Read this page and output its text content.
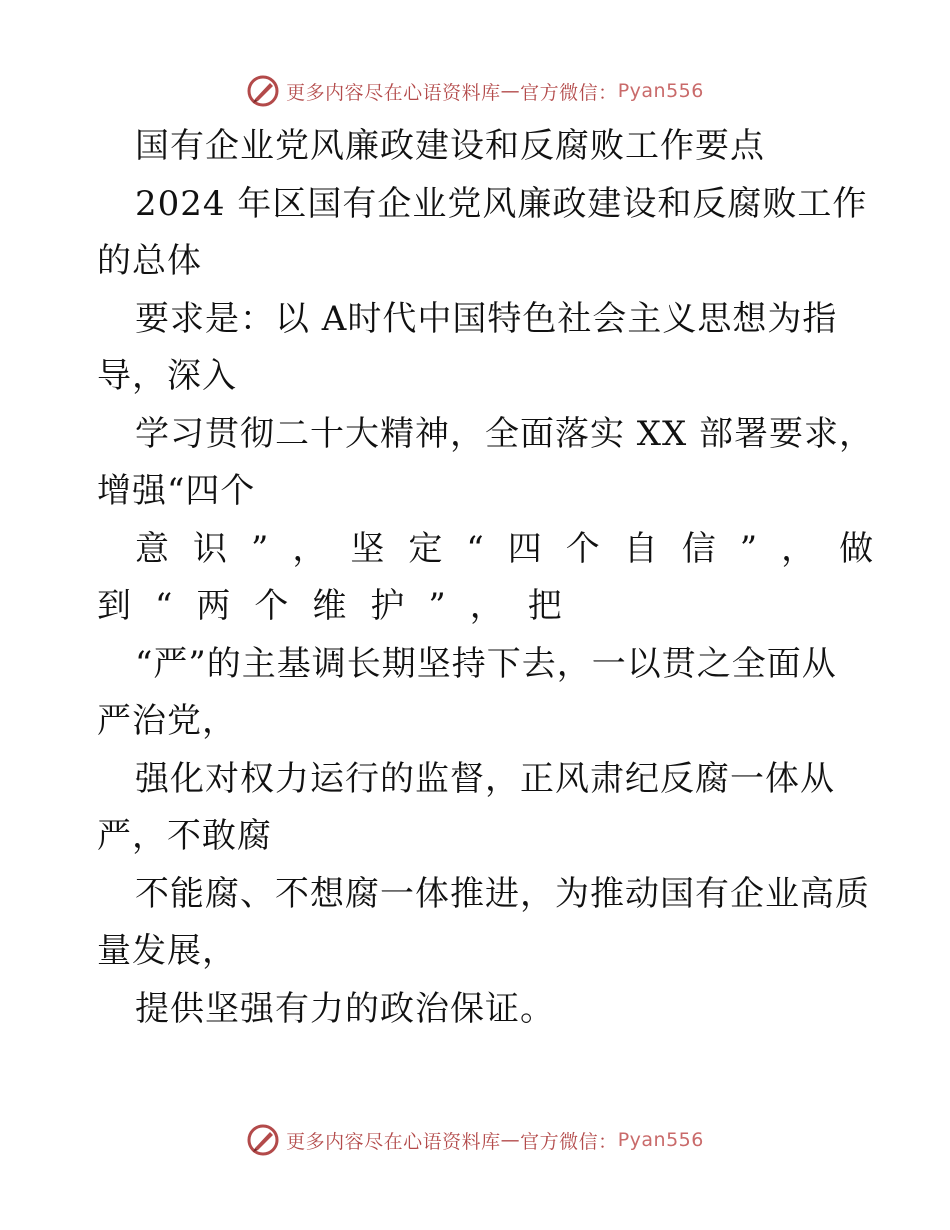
更多内容尽在心语资料库 — 官方微信： Pyan556
国有企业党风廉政建设和反腐败工作要点
2024 年区国有企业党风廉政建设和反腐败工作
的总体
要求是：以 A时代中国特色社会主义思想为指
导，深入
学习贯彻二十大精神，全面落实 XX 部署要求，
增强“四个
意识”，坚定“四个自信”，做
到“两个维护”，把
“严”的主基调长期坚持下去，一以贯之全面从
严治党，
强化对权力运行的监督，正风肃纪反腐一体从
严，不敢腐
不能腐、不想腐一体推进，为推动国有企业高质
量发展，
提供坚强有力的政治保证。
更多内容尽在心语资料库 — 官方微信： Pyan556
